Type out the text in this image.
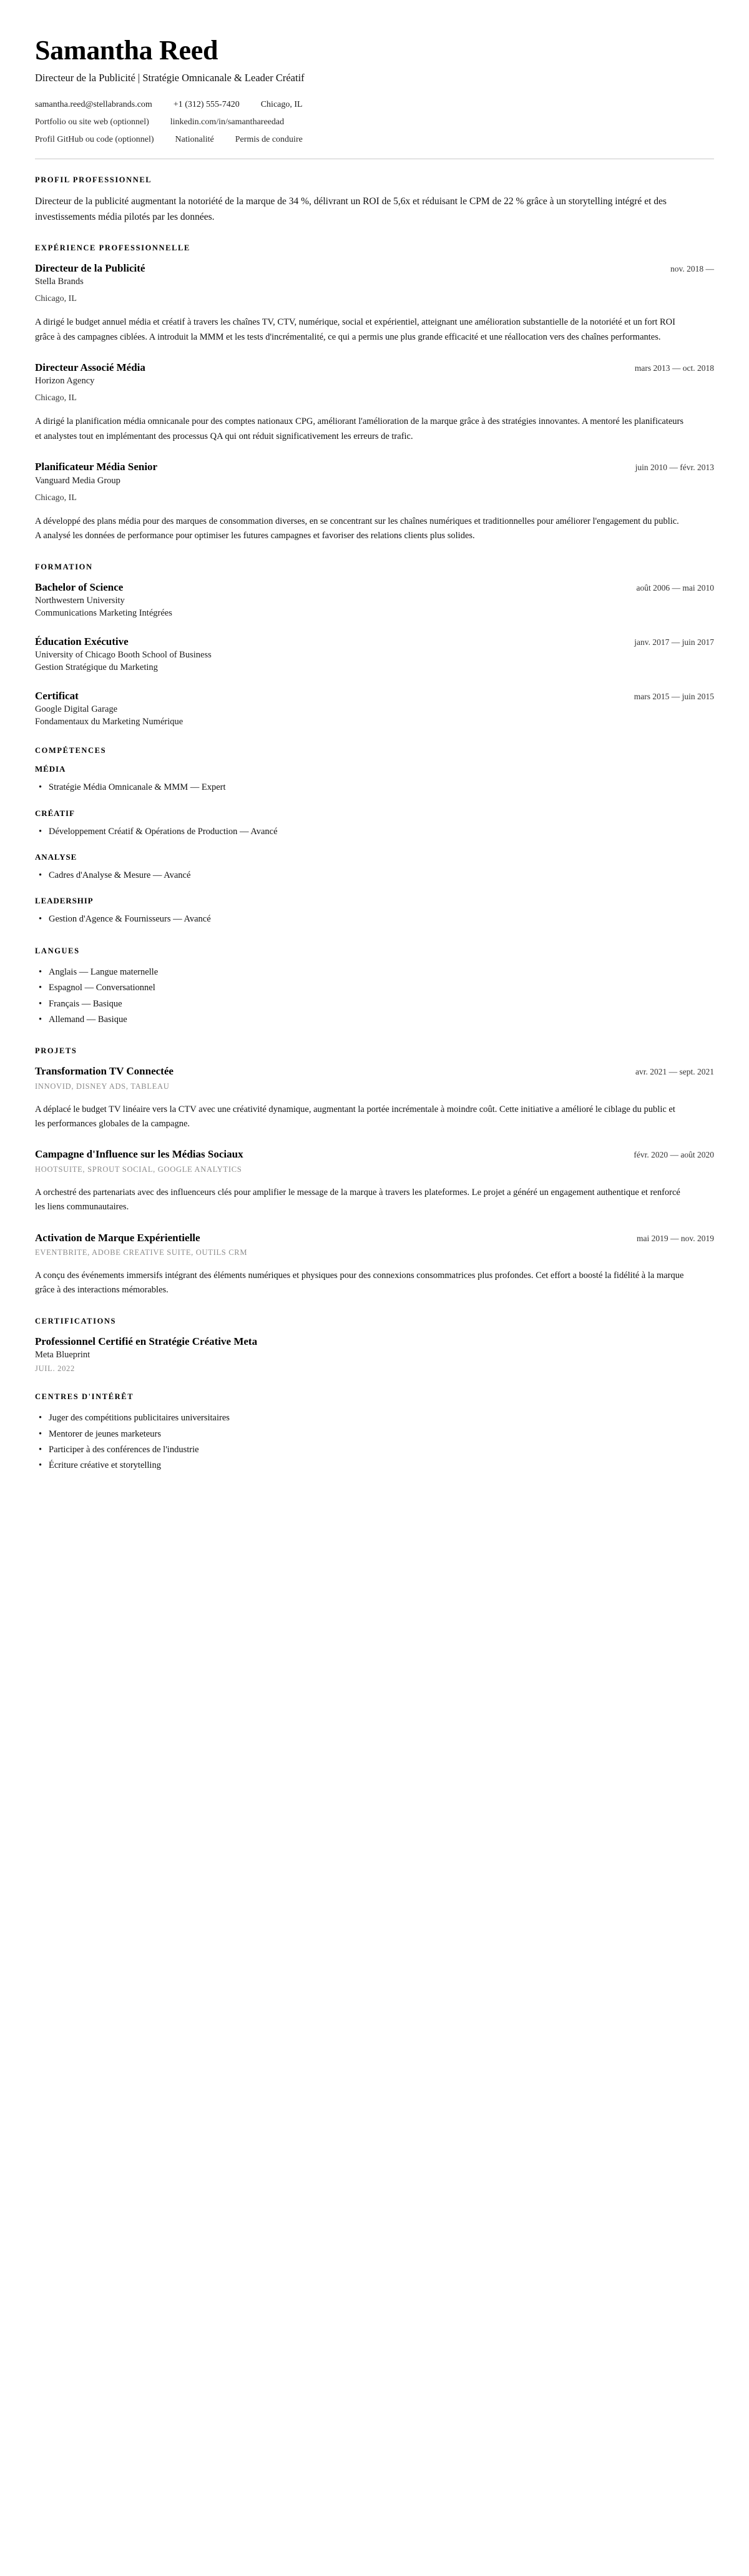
Samantha Reed
Directeur de la Publicité | Stratégie Omnicanale & Leader Créatif
samantha.reed@stellabrands.com +1 (312) 555-7420 Chicago, IL
Portfolio ou site web (optionnel) linkedin.com/in/samanthareedad
Profil GitHub ou code (optionnel) Nationalité Permis de conduire
PROFIL PROFESSIONNEL

Directeur de la publicité augmentant la notoriété de la marque de 34 %, délivrant un ROI de 5,6x et réduisant le CPM de 22 % grâce à un storytelling intégré et des investissements média pilotés par les données.

EXPÉRIENCE PROFESSIONNELLE
Directeur de la Publicité	nov. 2018 —
Stella Brands
Chicago, IL
A dirigé le budget annuel média et créatif à travers les chaînes TV, CTV, numérique, social et expérientiel, atteignant une amélioration substantielle de la notoriété et un fort ROI grâce à des campagnes ciblées. A introduit la MMM et les tests d'incrémentalité, ce qui a permis une plus grande efficacité et une réallocation vers des chaînes performantes.
Directeur Associé Média	mars 2013 — oct. 2018
Horizon Agency
Chicago, IL
A dirigé la planification média omnicanale pour des comptes nationaux CPG, améliorant l'amélioration de la marque grâce à des stratégies innovantes. A mentoré les planificateurs et analystes tout en implémentant des processus QA qui ont réduit significativement les erreurs de trafic.
Planificateur Média Senior	juin 2010 — févr. 2013
Vanguard Media Group
Chicago, IL
A développé des plans média pour des marques de consommation diverses, en se concentrant sur les chaînes numériques et traditionnelles pour améliorer l'engagement du public. A analysé les données de performance pour optimiser les futures campagnes et favoriser des relations clients plus solides.
FORMATION
Bachelor of Science	août 2006 — mai 2010
Northwestern University
Communications Marketing Intégrées
Éducation Exécutive	janv. 2017 — juin 2017
University of Chicago Booth School of Business
Gestion Stratégique du Marketing
Certificat	mars 2015 — juin 2015
Google Digital Garage
Fondamentaux du Marketing Numérique
COMPÉTENCES
MÉDIA
• Stratégie Média Omnicanale & MMM — Expert
CRÉATIF
• Développement Créatif & Opérations de Production — Avancé
ANALYSE
• Cadres d'Analyse & Mesure — Avancé
LEADERSHIP
• Gestion d'Agence & Fournisseurs — Avancé
LANGUES
• Anglais — Langue maternelle
• Espagnol — Conversationnel
• Français — Basique
• Allemand — Basique
PROJETS
Transformation TV Connectée	avr. 2021 — sept. 2021
INNOVID, DISNEY ADS, TABLEAU
A déplacé le budget TV linéaire vers la CTV avec une créativité dynamique, augmentant la portée incrémentale à moindre coût. Cette initiative a amélioré le ciblage du public et les performances globales de la campagne.
Campagne d'Influence sur les Médias Sociaux	févr. 2020 — août 2020
HOOTSUITE, SPROUT SOCIAL, GOOGLE ANALYTICS
A orchestré des partenariats avec des influenceurs clés pour amplifier le message de la marque à travers les plateformes. Le projet a généré un engagement authentique et renforcé les liens communautaires.
Activation de Marque Expérientielle	mai 2019 — nov. 2019
EVENTBRITE, ADOBE CREATIVE SUITE, OUTILS CRM
A conçu des événements immersifs intégrant des éléments numériques et physiques pour des connexions consommatrices plus profondes. Cet effort a boosté la fidélité à la marque grâce à des interactions mémorables.
CERTIFICATIONS
Professionnel Certifié en Stratégie Créative Meta
Meta Blueprint
JUIL. 2022
CENTRES D'INTÉRÊT
• Juger des compétitions publicitaires universitaires
• Mentorer de jeunes marketeurs
• Participer à des conférences de l'industrie
• Écriture créative et storytelling
